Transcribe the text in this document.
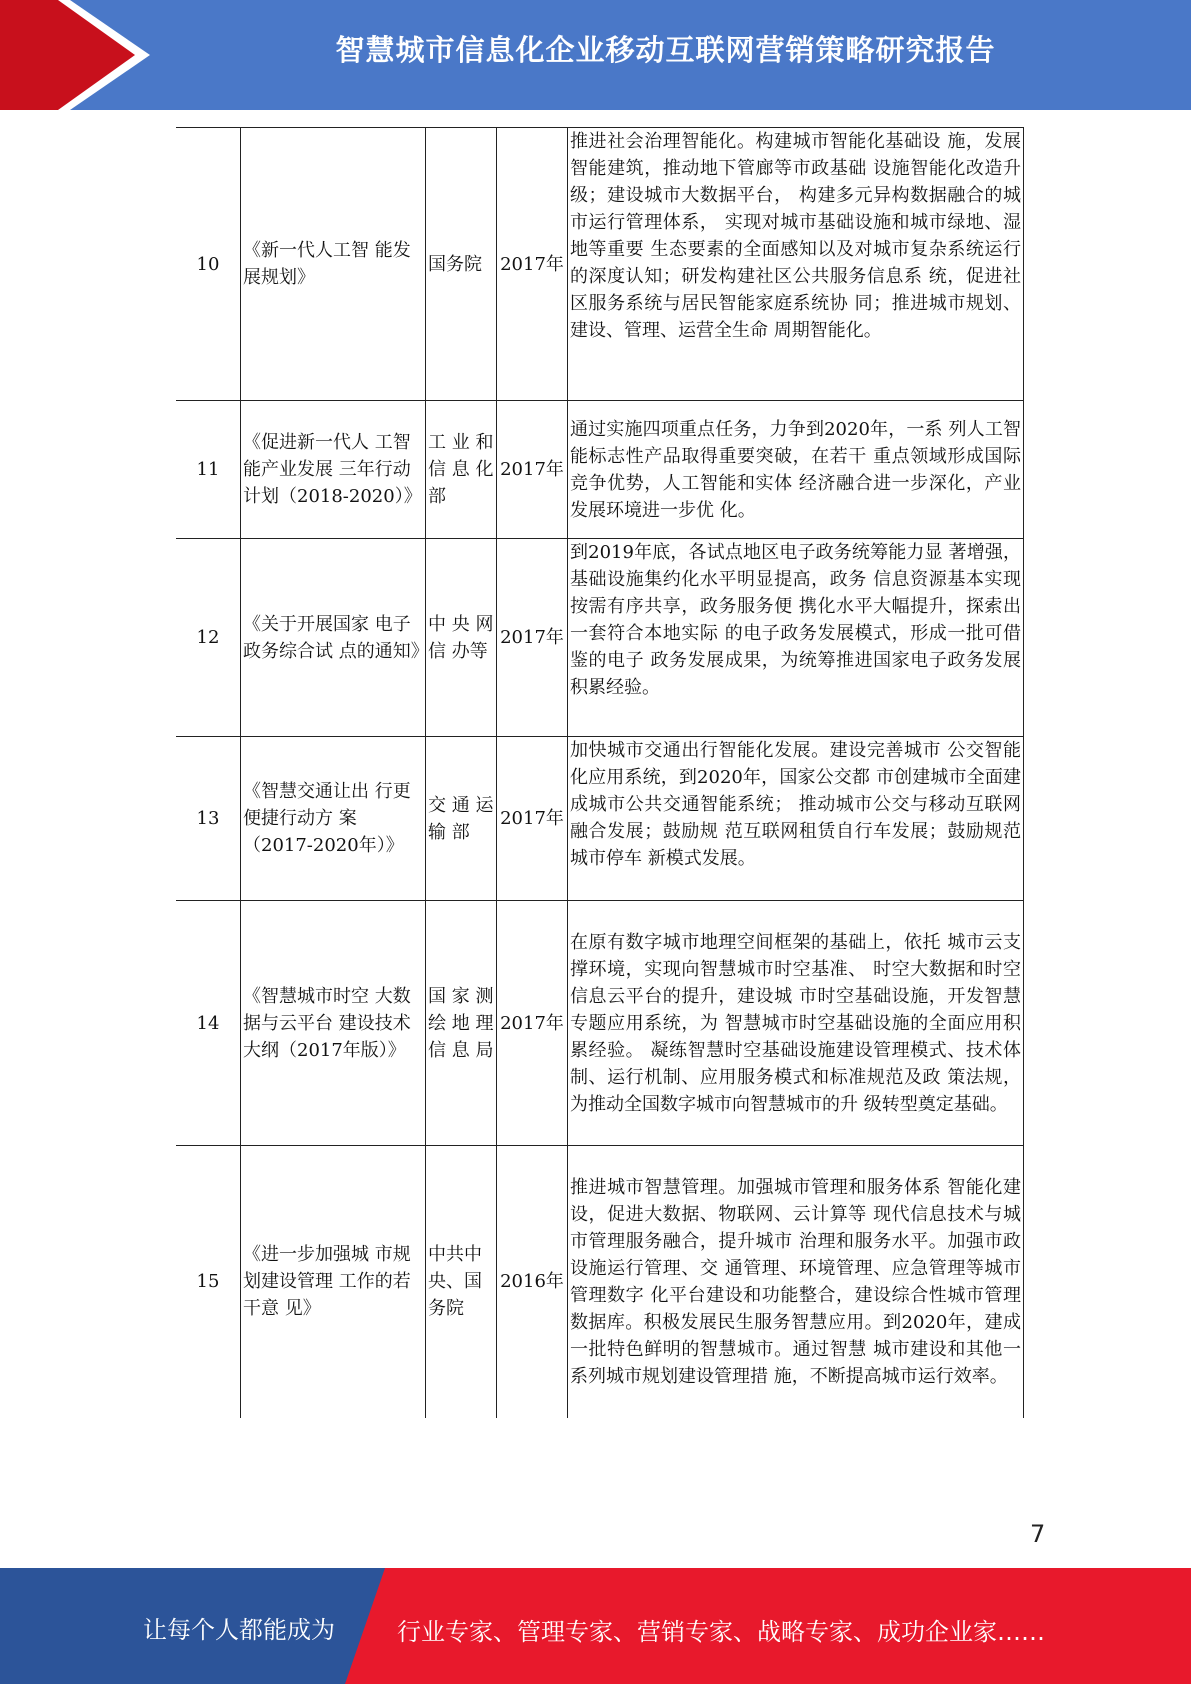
智慧城市信息化企业移动互联网营销策略研究报告
10	《新一代人工智 能发展规划》	国务院	2017年	推进社会治理智能化。构建城市智能化基础设 施，发展智能建筑，推动地下管廊等市政基础 设施智能化改造升级；建设城市大数据平台， 构建多元异构数据融合的城市运行管理体系， 实现对城市基础设施和城市绿地、湿地等重要 生态要素的全面感知以及对城市复杂系统运行 的深度认知；研发构建社区公共服务信息系 统，促进社区服务系统与居民智能家庭系统协 同；推进城市规划、建设、管理、运营全生命 周期智能化。
11	《促进新一代人 工智能产业发展 三年行动计划（2018-2020）》	工 业 和 信 息 化 部	2017年	通过实施四项重点任务，力争到2020年，一系 列人工智能标志性产品取得重要突破，在若干 重点领域形成国际竞争优势，人工智能和实体 经济融合进一步深化，产业发展环境进一步优 化。
12	《关于开展国家 电子政务综合试 点的通知》	中 央 网 信 办等	2017年	到2019年底，各试点地区电子政务统筹能力显 著增强，基础设施集约化水平明显提高，政务 信息资源基本实现按需有序共享，政务服务便 携化水平大幅提升，探索出一套符合本地实际 的电子政务发展模式，形成一批可借鉴的电子 政务发展成果，为统筹推进国家电子政务发展 积累经验。
13	《智慧交通让出 行更便捷行动方 案（2017-2020年）》	交 通 运 输 部	2017年	加快城市交通出行智能化发展。建设完善城市 公交智能化应用系统，到2020年，国家公交都 市创建城市全面建成城市公共交通智能系统； 推动城市公交与移动互联网融合发展；鼓励规 范互联网租赁自行车发展；鼓励规范城市停车 新模式发展。
14	《智慧城市时空 大数据与云平台 建设技术大纲（2017年版）》	国 家 测 绘 地 理 信 息 局	2017年	在原有数字城市地理空间框架的基础上，依托 城市云支撑环境，实现向智慧城市时空基准、 时空大数据和时空信息云平台的提升，建设城 市时空基础设施，开发智慧专题应用系统，为 智慧城市时空基础设施的全面应用积累经验。 凝练智慧时空基础设施建设管理模式、技术体 制、运行机制、应用服务模式和标准规范及政 策法规，为推动全国数字城市向智慧城市的升 级转型奠定基础。
15	《进一步加强城 市规划建设管理 工作的若干意 见》	中共中央、国务院	2016年	推进城市智慧管理。加强城市管理和服务体系 智能化建设，促进大数据、物联网、云计算等 现代信息技术与城市管理服务融合，提升城市 治理和服务水平。加强市政设施运行管理、交 通管理、环境管理、应急管理等城市管理数字 化平台建设和功能整合，建设综合性城市管理 数据库。积极发展民生服务智慧应用。到2020年，建成一批特色鲜明的智慧城市。通过智慧 城市建设和其他一系列城市规划建设管理措 施，不断提高城市运行效率。
7
让每个人都能成为	行业专家、管理专家、营销专家、战略专家、成功企业家……
